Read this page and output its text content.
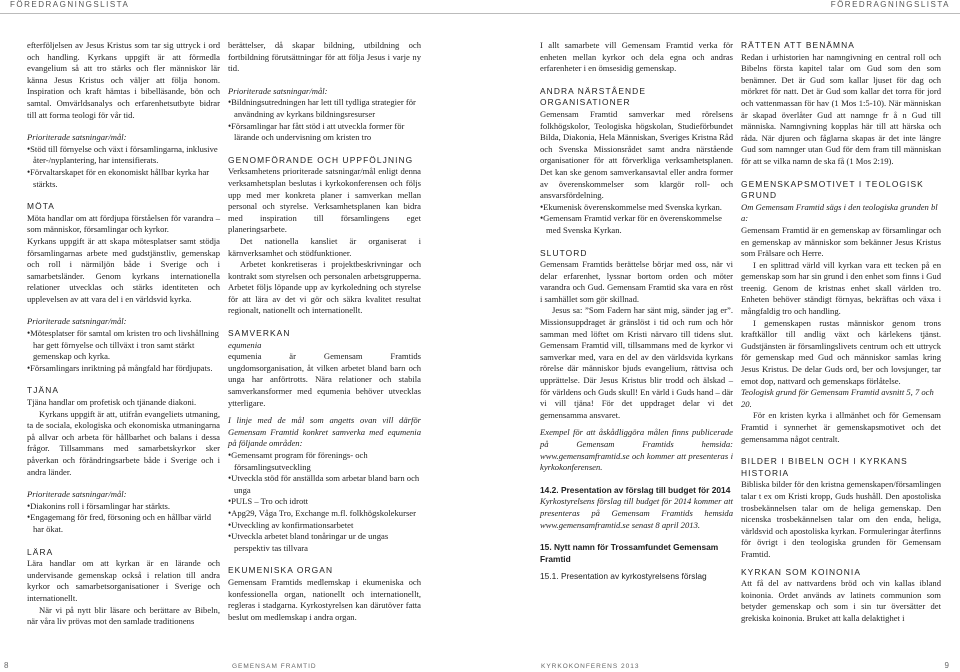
FÖREDRAGNINGSLISTA	FÖREDRAGNINGSLISTA

efterföljelsen av Jesus Kristus som tar sig uttryck i ord och handling. Kyrkans uppgift är att förmedla evangelium så att tro stärks och fler människor lär känna Jesus Kristus och väljer att följa honom. Inspiration och kraft hämtas i bibelläsande, bön och samtal. Omvärldsanalys och erfarenhetsutbyte bidrar till att forma teologi för vår tid.

Prioriterade satsningar/mål:

• Stöd till förnyelse och växt i församlingarna, inklusive åter-/nyplantering, har intensifierats.

• Förvaltarskapet för en ekonomiskt hållbar kyrka har stärkts.

MÖTA

Möta handlar om att fördjupa förståelsen för varandra – som människor, församlingar och kyrkor.

Kyrkans uppgift är att skapa mötesplatser samt stödja församlingarnas arbete med gudstjänstliv, gemenskap och roll i närmiljön både i Sverige och i samarbetsländer. Genom kyrkans internationella relationer utvecklas och stärks identiteten och upplevelsen av att vara del i en världsvid kyrka.

Prioriterade satsningar/mål:

• Mötesplatser för samtal om kristen tro och livshållning har gett förnyelse och tillväxt i tron samt stärkt gemenskap och kyrka.

• Församlingars inriktning på mångfald har fördjupats.

TJÄNA

Tjäna handlar om profetisk och tjänande diakoni.

Kyrkans uppgift är att, utifrån evangeliets utmaning, ta de sociala, ekologiska och ekonomiska utmaningarna på allvar och arbeta för hållbarhet och balans i dessa frågor. Tillsammans med samarbetskyrkor sker påverkan och förändringsarbete både i Sverige och i andra länder.

Prioriterade satsningar/mål:

• Diakonins roll i församlingar har stärkts.

• Engagemang för fred, försoning och en hållbar värld har ökat.

LÄRA

Lära handlar om att kyrkan är en lärande och undervisande gemenskap också i relation till andra kyrkor och samarbetsorganisationer i Sverige och internationellt.

När vi på nytt blir läsare och berättare av Bibeln, när våra liv prövas mot den samlade traditionens

berättelser, då skapar bildning, utbildning och fortbildning förutsättningar för att följa Jesus i varje ny tid.

Prioriterade satsningar/mål:

• Bildningsutredningen har lett till tydliga strategier för användning av kyrkans bildningsresurser

• Församlingar har fått stöd i att utveckla former för lärande och undervisning om kristen tro

GENOMFÖRANDE OCH UPPFÖLJNING

Verksamhetens prioriterade satsningar/mål enligt denna verksamhetsplan beslutas i kyrkokonferensen och följs upp med mer konkreta planer i samverkan mellan personal och styrelse. Verksamhetsplanen kan bidra med inspiration till församlingens eget planeringsarbete.

Det nationella kansliet är organiserat i kärnverksamhet och stödfunktioner.

Arbetet konkretiseras i projektbeskrivningar och kontrakt som styrelsen och personalen arbetsgrupperna. Arbetet följs löpande upp av kyrkoledning och styrelse för att lära av det vi gör och säkra kvalitet resultat regionalt, nationellt och internationellt.

SAMVERKAN

equmenia

equmenia är Gemensam Framtids ungdomsorganisation, åt vilken arbetet bland barn och unga har anförtrotts. Nära relationer och stabila samverkansformer med equmenia behöver utvecklas ytterligare.

I linje med de mål som angetts ovan vill därför Gemensam Framtid konkret samverka med equmenia på följande områden:

• Gemensamt program för förenings- och församlingsutveckling

• Utveckla stöd för anställda som arbetar bland barn och unga

• PULS – Tro och idrott

• Apg29, Våga Tro, Exchange m.fl. folkhögskolekurser

• Utveckling av konfirmationsarbetet

• Utveckla arbetet bland tonåringar ur de ungas perspektiv tas tillvara

EKUMENISKA ORGAN

Gemensam Framtids medlemskap i ekumeniska och konfessionella organ, nationellt och internationellt, regleras i stadgarna. Kyrkostyrelsen kan därutöver fatta beslut om medlemskap i andra organ.

I allt samarbete vill Gemensam Framtid verka för enheten mellan kyrkor och dela egna och andras erfarenheter i en ömsesidig gemenskap.

ANDRA NÄRSTÅENDE ORGANISATIONER

Gemensam Framtid samverkar med rörelsens folkhögskolor, Teologiska högskolan, Studieförbundet Bilda, Diakonia, Hela Människan, Sveriges Kristna Råd och Svenska Missionsrådet samt andra närstående organisationer för att förverkliga verksamhetsplanen. Det kan ske genom samverkansavtal eller andra former av överenskommelser som klargör roll- och ansvarsfördelning.

• Ekumenisk överenskommelse med Svenska kyrkan.

• Gemensam Framtid verkar för en överenskommelse med Svenska Kyrkan.

SLUTORD

Gemensam Framtids berättelse börjar med oss, när vi delar erfarenhet, lyssnar bortom orden och möter varandra och Gud. Gemensam Framtid ska vara en röst i samhället som gör skillnad.

Jesus sa: ”Som Fadern har sänt mig, sänder jag er”. Missionsuppdraget är gränslöst i tid och rum och hör samman med löftet om Kristi närvaro till tidens slut. Gemensam Framtid vill, tillsammans med de kyrkor vi samverkar med, vara en del av den världsvida kyrkans rörelse där människor bjuds evangelium, rättvisa och upprättelse. Där Jesus Kristus blir trodd och älskad – för världens och Guds skull! En värld i Guds hand – där vi vill tjäna! För det uppdraget delar vi det gemensamma ansvaret.

Exempel för att åskådliggöra målen finns publicerade på Gemensam Framtids hemsida: www.gemensamframtid.se och kommer att presenteras i kyrkokonferensen.

14.2. Presentation av förslag till budget för 2014

Kyrkostyrelsens förslag till budget för 2014 kommer att presenteras på Gemensam Framtids hemsida www.gemensamframtid.se senast 8 april 2013.

15. Nytt namn för Trossamfundet Gemensam Framtid

15.1. Presentation av kyrkostyrelsens förslag

RÄTTEN ATT BENÄMNA

Redan i urhistorien har namngivning en central roll och Bibelns första kapitel talar om Gud som den som benämner. Det är Gud som kallar ljuset för dag och mörkret för natt. Det är Gud som kallar det torra för jord och vattenmassan för hav (1 Mos 1:5-10). När människan är skapad överlåter Gud att namnge fr å n Gud till människa. Namngivning kopplas här till att härska och råda. När djuren och fåglarna skapas är det inte längre Gud som namnger utan Gud för dem fram till människan för att se vilka namn de ska få (1 Mos 2:19).

GEMENSKAPSMOTIVET I TEOLOGISK GRUND

Om Gemensam Framtid sägs i den teologiska grunden bl a:

Gemensam Framtid är en gemenskap av församlingar och en gemenskap av människor som bekänner Jesus Kristus som Frälsare och Herre.

I en splittrad värld vill kyrkan vara ett tecken på en gemenskap som har sin grund i den enhet som finns i Gud treenig. Genom de kristnas enhet skall världen tro. Enheten behöver ständigt förnyas, bekräftas och växa i mångfaldig tro och handling.

I gemenskapen rustas människor genom trons kraftkällor till andlig växt och kärlekens tjänst. Gudstjänsten är församlingslivets centrum och ett uttryck för gemenskap med Gud och människor samlas kring Jesus Kristus. De delar Guds ord, ber och lovsjunger, tar emot dop, nattvard och gemenskaps förlåtelse.

Teologisk grund för Gemensam Framtid avsnitt 5, 7 och 20.

För en kristen kyrka i allmänhet och för Gemensam Framtid i synnerhet är gemenskapsmotivet och det gemensamma något centralt.

BILDER I BIBELN OCH I KYRKANS HISTORIA

Bibliska bilder för den kristna gemenskapen/församlingen talar t ex om Kristi kropp, Guds hushåll. Den apostoliska trosbekännelsen talar om de heliga gemenskap. Den nicenska trosbekännelsen talar om den enda, heliga, världsvid och apostoliska kyrkan. Formuleringar återfinns för övrigt i den teologiska grunden för Gemensam Framtid.

KYRKAN SOM KOINONIA

Att få del av nattvardens bröd och vin kallas ibland koinonia. Ordet används av latinets communion som betyder gemenskap och som i sin tur översätter det grekiska koinonia. Bruket att kalla delaktighet i

8	GEMENSAM FRAMTID	KYRKOKONFERENS 2013	9
